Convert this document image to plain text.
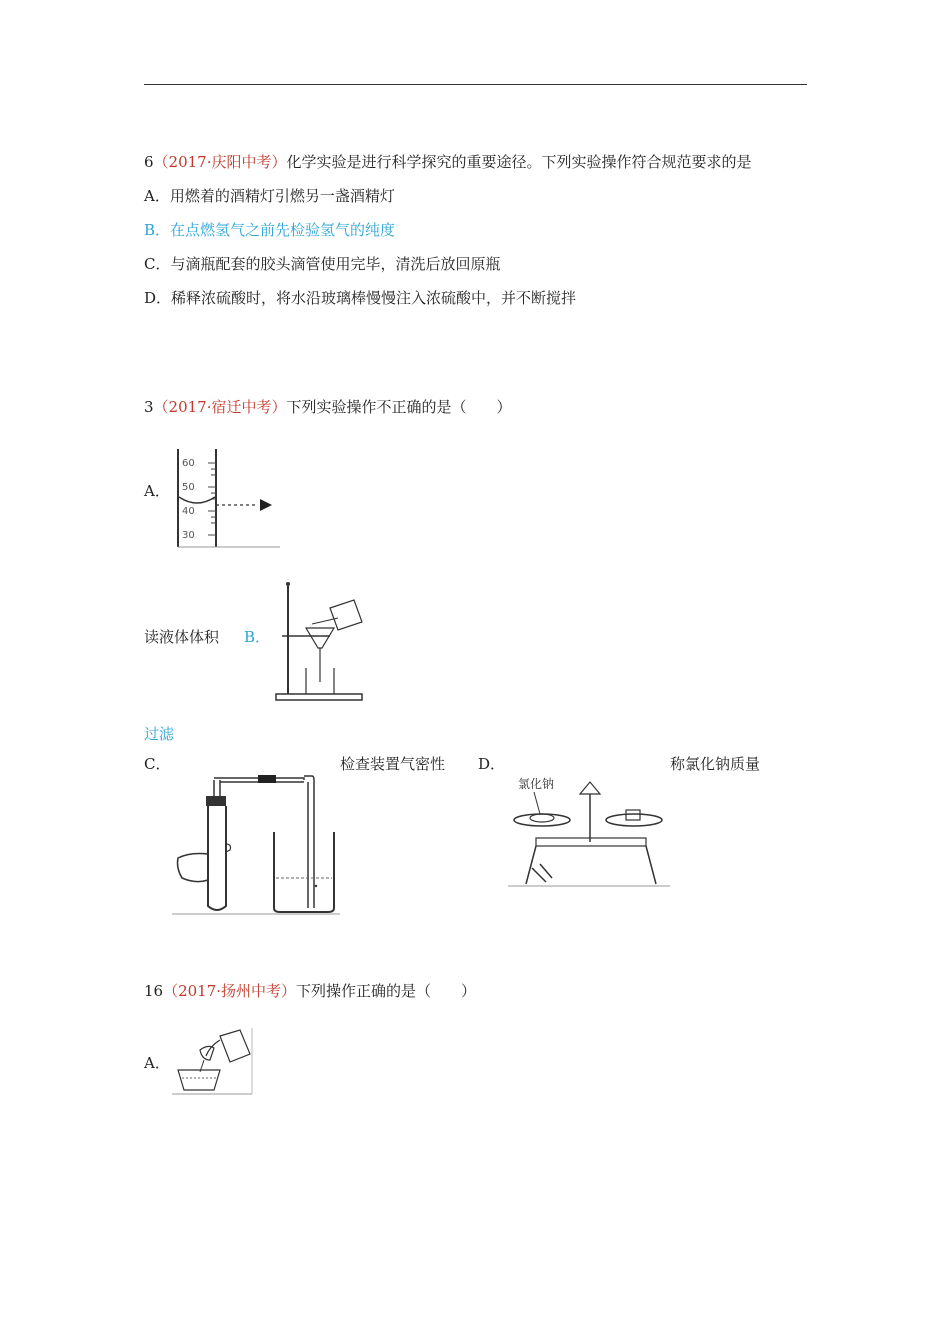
6（2017·庆阳中考）化学实验是进行科学探究的重要途径。下列实验操作符合规范要求的是
A．用燃着的酒精灯引燃另一盏酒精灯
B．在点燃氢气之前先检验氢气的纯度
C．与滴瓶配套的胶头滴管使用完毕，清洗后放回原瓶
D．稀释浓硫酸时，将水沿玻璃棒慢慢注入浓硫酸中，并不断搅拌
3（2017·宿迁中考）下列实验操作不正确的是（　　）
A．
60
50
40
30
读液体体积 B．
过滤
C．	检查装置气密性 D．
氯化钠
称氯化钠质量
16（2017·扬州中考）下列操作正确的是（　　）
A．
